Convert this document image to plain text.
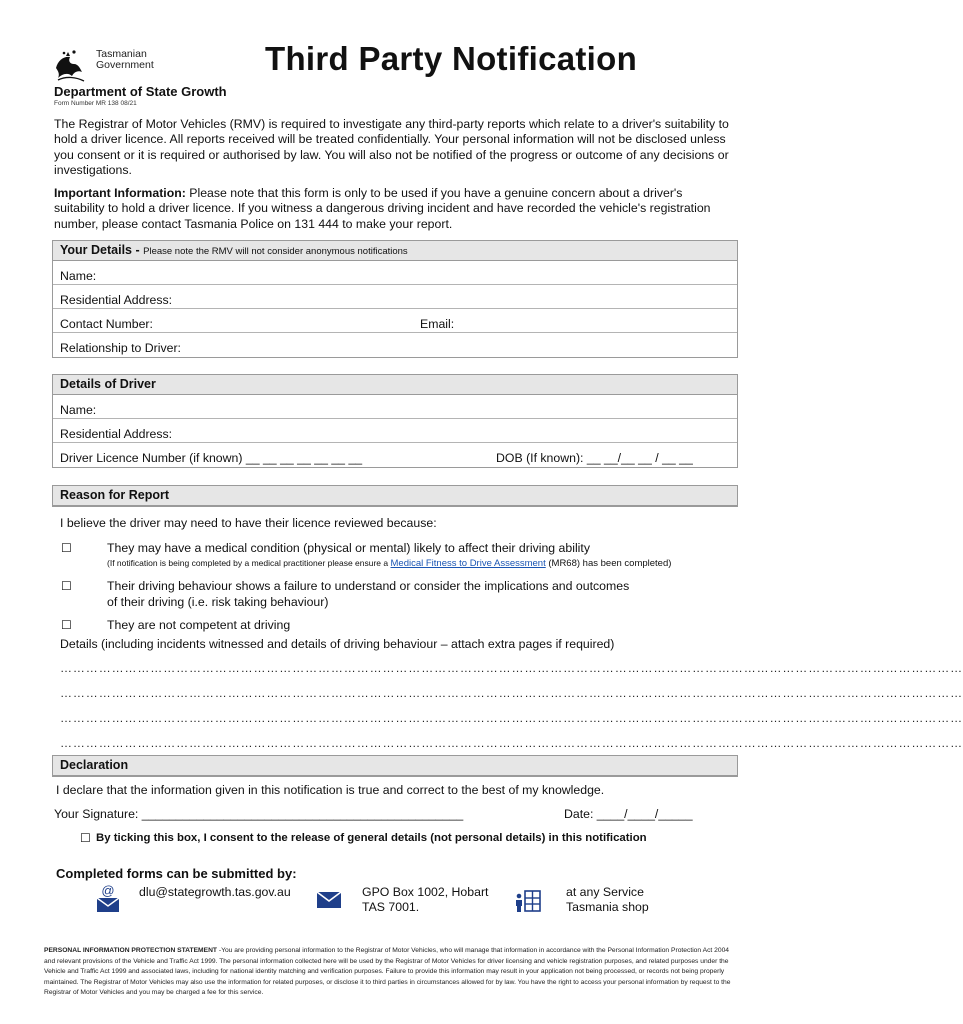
Tasmanian
Government
Department of State Growth
Form Number MR 138 08/21
Third Party Notification
The Registrar of Motor Vehicles (RMV) is required to investigate any third-party reports which relate to a driver's suitability to hold a driver licence. All reports received will be treated confidentially. Your personal information will not be disclosed unless you consent or it is required or authorised by law. You will also not be notified of the progress or outcome of any decisions or investigations.
Important Information: Please note that this form is only to be used if you have a genuine concern about a driver's suitability to hold a driver licence. If you witness a dangerous driving incident and have recorded the vehicle's registration number, please contact Tasmania Police on 131 444 to make your report.
Your Details - Please note the RMV will not consider anonymous notifications
Name:
Residential Address:
Contact Number:	Email:
Relationship to Driver:
Details of Driver
Name:
Residential Address:
Driver Licence Number (if known) __ __ __ __ __ __ __	DOB (If known): __ __/__ __ / __ __
Reason for Report
I believe the driver may need to have their licence reviewed because:
☐	They may have a medical condition (physical or mental) likely to affect their driving ability
(If notification is being completed by a medical practitioner please ensure a Medical Fitness to Drive Assessment (MR68) has been completed)
☐	Their driving behaviour shows a failure to understand or consider the implications and outcomes
of their driving (i.e. risk taking behaviour)
☐	They are not competent at driving
Details (including incidents witnessed and details of driving behaviour – attach extra pages if required)
…………………………………………………………………………………………………………………………………………………………………………………………
…………………………………………………………………………………………………………………………………………………………………………………………
…………………………………………………………………………………………………………………………………………………………………………………………
…………………………………………………………………………………………………………………………………………………………………………………………
Declaration
I declare that the information given in this notification is true and correct to the best of my knowledge.
Your Signature: _______________________________________________	Date: ____/____/_____
☐ By ticking this box, I consent to the release of general details (not personal details) in this notification
Completed forms can be submitted by:
@	dlu@stategrowth.tas.gov.au	GPO Box 1002, Hobart
TAS 7001.
at any Service
Tasmania shop
PERSONAL INFORMATION PROTECTION STATEMENT -You are providing personal information to the Registrar of Motor Vehicles, who will manage that information in accordance with the Personal Information Protection Act 2004 and relevant provisions of the Vehicle and Traffic Act 1999. The personal information collected here will be used by the Registrar of Motor Vehicles for driver licensing and vehicle registration purposes, and related purposes under the Vehicle and Traffic Act 1999 and associated laws, including for national identity matching and verification purposes. Failure to provide this information may result in your application not being processed, or records not being properly maintained. The Registrar of Motor Vehicles may also use the information for related purposes, or disclose it to third parties in circumstances allowed for by law. You have the right to access your personal information by request to the Registrar of Motor Vehicles and you may be charged a fee for this service.
